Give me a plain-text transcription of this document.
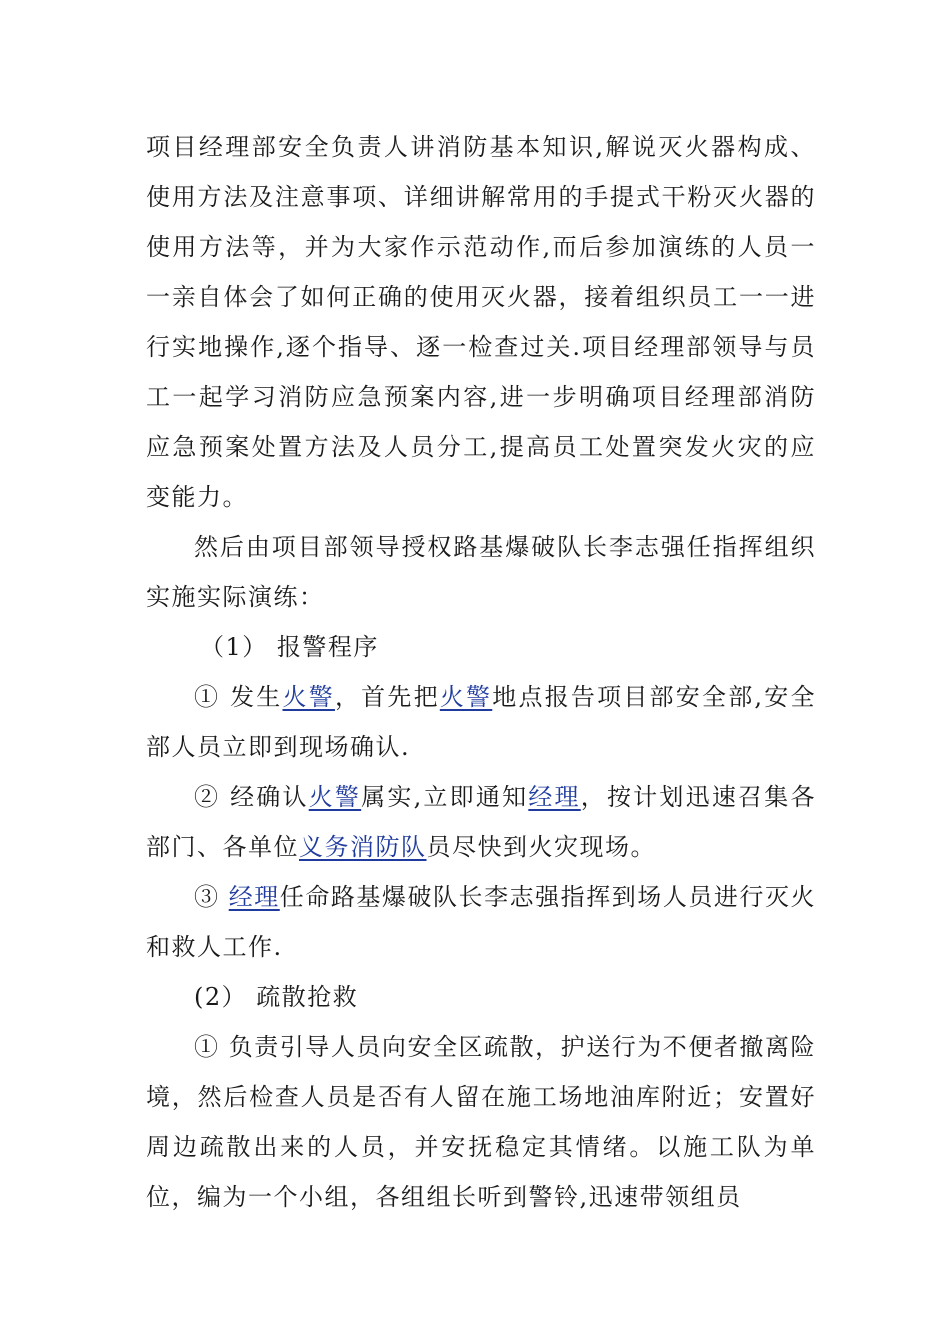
项目经理部安全负责人讲消防基本知识,解说灭火器构成、使用方法及注意事项、详细讲解常用的手提式干粉灭火器的使用方法等，并为大家作示范动作,而后参加演练的人员一一亲自体会了如何正确的使用灭火器，接着组织员工一一进行实地操作,逐个指导、逐一检查过关.项目经理部领导与员工一起学习消防应急预案内容,进一步明确项目经理部消防应急预案处置方法及人员分工,提高员工处置突发火灾的应变能力。

然后由项目部领导授权路基爆破队长李志强任指挥组织实施实际演练：

（1） 报警程序

① 发生火警，首先把火警地点报告项目部安全部,安全部人员立即到现场确认.

② 经确认火警属实,立即通知经理，按计划迅速召集各部门、各单位义务消防队员尽快到火灾现场。

③ 经理任命路基爆破队长李志强指挥到场人员进行灭火和救人工作.

(2） 疏散抢救

① 负责引导人员向安全区疏散，护送行为不便者撤离险境，然后检查人员是否有人留在施工场地油库附近；安置好周边疏散出来的人员，并安抚稳定其情绪。以施工队为单位，编为一个小组，各组组长听到警铃,迅速带领组员
